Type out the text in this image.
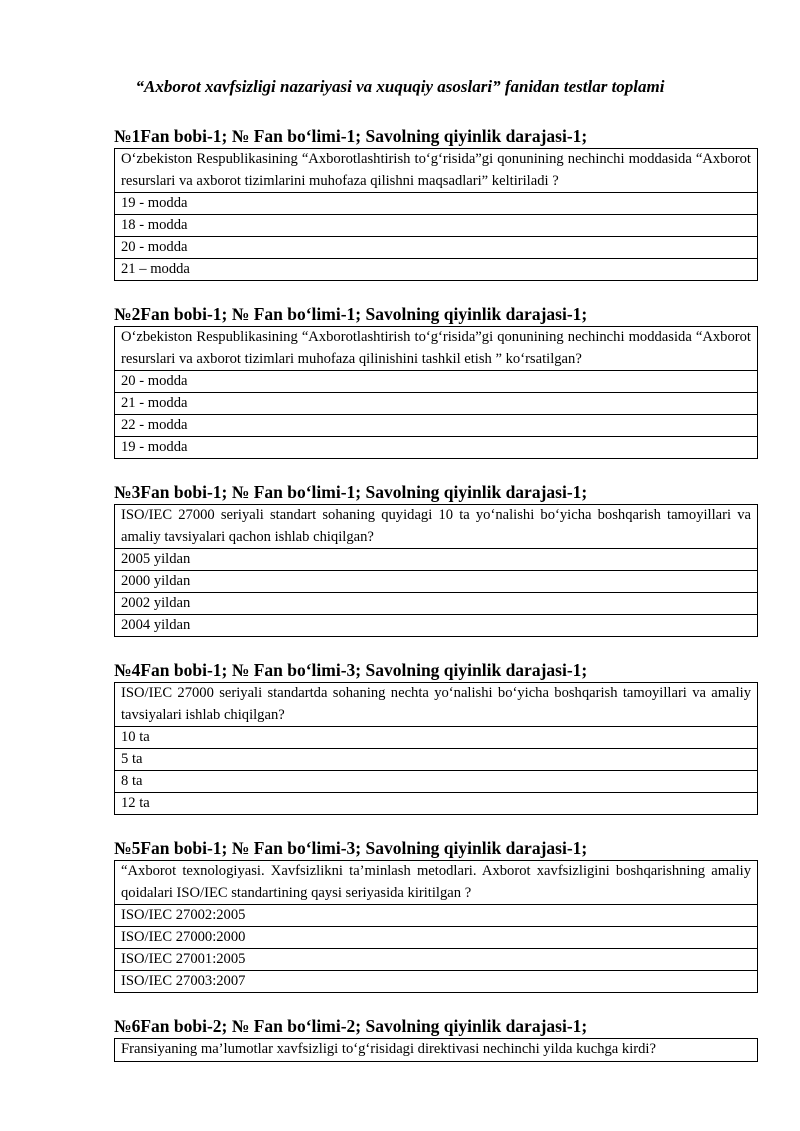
“Axborot xavfsizligi nazariyasi va xuquqiy asoslari” fanidan testlar toplami
№1Fan bobi-1; № Fan bo‘limi-1; Savolning qiyinlik darajasi-1;
O‘zbekiston Respublikasining “Axborotlashtirish to‘g‘risida”gi qonunining nechinchi moddasida “Axborot resurslari va axborot tizimlarini muhofaza qilishni maqsadlari” keltiriladi ?
19 - modda
18 - modda
20 - modda
21 – modda
№2Fan bobi-1; № Fan bo‘limi-1; Savolning qiyinlik darajasi-1;
O‘zbekiston Respublikasining “Axborotlashtirish to‘g‘risida”gi qonunining nechinchi moddasida “Axborot resurslari va axborot tizimlari muhofaza qilinishini tashkil etish ” ko‘rsatilgan?
20 - modda
21 - modda
22 - modda
19 - modda
№3Fan bobi-1; № Fan bo‘limi-1; Savolning qiyinlik darajasi-1;
ISO/IEC 27000 seriyali standart sohaning quyidagi 10 ta yo‘nalishi bo‘yicha boshqarish tamoyillari va amaliy tavsiyalari qachon ishlab chiqilgan?
2005 yildan
2000 yildan
2002 yildan
2004 yildan
№4Fan bobi-1; № Fan bo‘limi-3; Savolning qiyinlik darajasi-1;
ISO/IEC 27000 seriyali standartda sohaning nechta yo‘nalishi bo‘yicha boshqarish tamoyillari va amaliy tavsiyalari ishlab chiqilgan?
10 ta
5 ta
8 ta
12 ta
№5Fan bobi-1; № Fan bo‘limi-3; Savolning qiyinlik darajasi-1;
“Axborot texnologiyasi. Xavfsizlikni ta’minlash metodlari. Axborot xavfsizligini boshqarishning amaliy qoidalari ISO/IEC standartining qaysi seriyasida kiritilgan ?
ISO/IEC 27002:2005
ISO/IEC 27000:2000
ISO/IEC 27001:2005
ISO/IEC 27003:2007
№6Fan bobi-2; № Fan bo‘limi-2; Savolning qiyinlik darajasi-1;
Fransiyaning ma’lumotlar xavfsizligi to‘g‘risidagi direktivasi nechinchi yilda kuchga kirdi?
